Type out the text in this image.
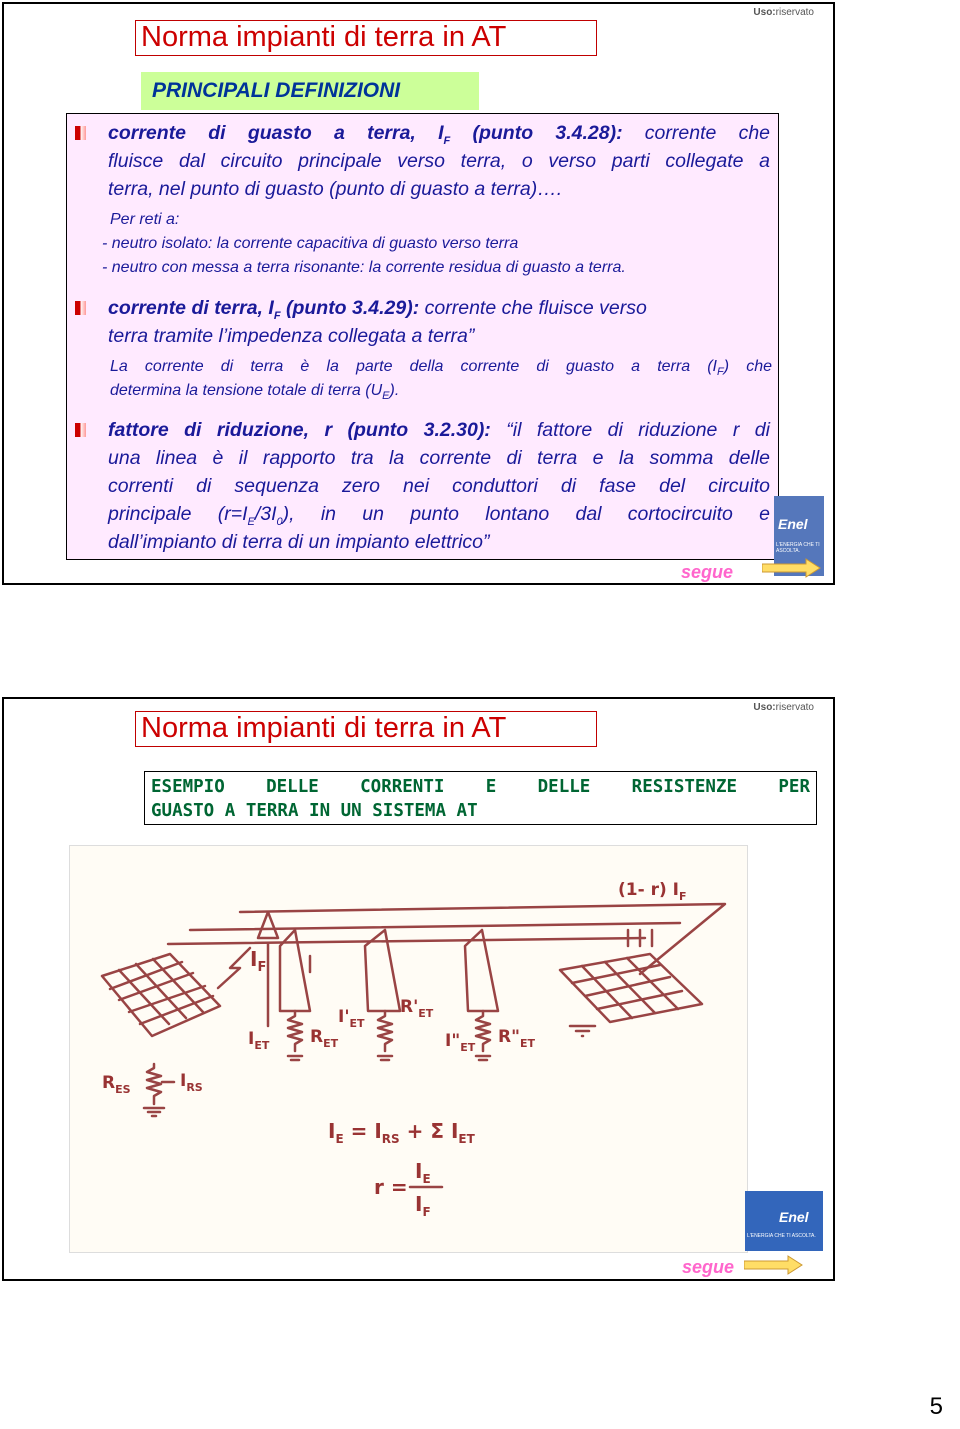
Norma impianti di terra in AT
Uso:riservato
PRINCIPALI DEFINIZIONI
corrente di guasto a terra, $I_F$ (punto 3.4.28): corrente che
fluisce dal circuito principale verso terra, o verso parti collegate a
terra, nel punto di guasto (punto di guasto a terra)….
Per reti a:
- neutro isolato: la corrente capacitiva di guasto verso terra
- neutro con messa a terra risonante: la corrente residua di guasto a terra.
corrente di terra, $I_F$ (punto 3.4.29): corrente che fluisce verso
terra tramite l’impedenza collegata a terra”
La corrente di terra è la parte della corrente di guasto a terra $(I_F)$ che
determina la tensione totale di terra $(U_E)$.
fattore di riduzione, r (punto 3.2.30): “il fattore di riduzione r di
una linea è il rapporto tra la corrente di terra e la somma delle
correnti di sequenza zero nei conduttori di fase del circuito
principale $(r=I_E/3I_0)$, in un punto lontano dal cortocircuito e
dall’impianto di terra di un impianto elettrico”
Enel
L'ENERGIA CHE TI ASCOLTA.
segue
Norma impianti di terra in AT
Uso:riservato
ESEMPIO DELLE CORRENTI E DELLE RESISTENZE PER
GUASTO A TERRA IN UN SISTEMA AT
(1- r) $I_F$
$I_F$
$I_{ET}$ $R_{ET}$
$I'_{ET}$
$R'_{ET}$
$I"_{ET}$
$R"_{ET}$
$R_{ES}$	$I_{RS}$
$I_E = I_{RS} + \Sigma$ $I_{ET}$
r =
$I_E$
$I_F$	Enel
L'ENERGIA CHE TI ASCOLTA.
segue
5
